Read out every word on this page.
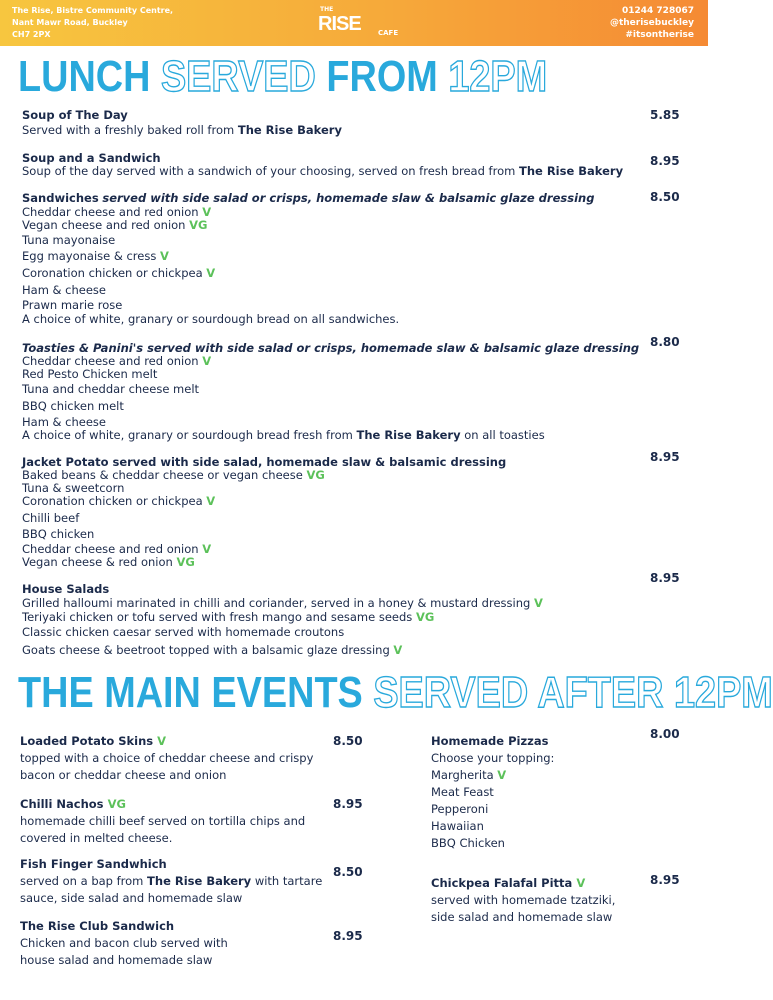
The Rise, Bistre Community Centre,
Nant Mawr Road, Buckley
CH7 2PX
THE
RISE CAFE
01244 728067
@therisebuckley
#itsontherise
LUNCH SERVED FROM 12PM
Soup of The Day
Served with a freshly baked roll from The Rise Bakery
5.85
Soup and a Sandwich
Soup of the day served with a sandwich of your choosing, served on fresh bread from The Rise Bakery
8.95
Sandwiches served with side salad or crisps, homemade slaw & balsamic glaze dressing	8.50
Cheddar cheese and red onion V
Vegan cheese and red onion VG
Tuna mayonaise
Egg mayonaise & cress V
Coronation chicken or chickpea V
Ham & cheese
Prawn marie rose
A choice of white, granary or sourdough bread on all sandwiches.
Toasties & Panini's served with side salad or crisps, homemade slaw & balsamic glaze dressing 8.80
Cheddar cheese and red onion V
Red Pesto Chicken melt
Tuna and cheddar cheese melt
BBQ chicken melt
Ham & cheese
A choice of white, granary or sourdough bread fresh from The Rise Bakery on all toasties
Jacket Potato served with side salad, homemade slaw & balsamic dressing	8.95
Baked beans & cheddar cheese or vegan cheese VG
Tuna & sweetcorn
Coronation chicken or chickpea V
Chilli beef
BBQ chicken
Cheddar cheese and red onion V
Vegan cheese & red onion VG
House Salads
8.95
Grilled halloumi marinated in chilli and coriander, served in a honey & mustard dressing V
Teriyaki chicken or tofu served with fresh mango and sesame seeds VG
Classic chicken caesar served with homemade croutons
Goats cheese & beetroot topped with a balsamic glaze dressing V
THE MAIN EVENTS SERVED AFTER 12PM
Loaded Potato Skins V	8.50
topped with a choice of cheddar cheese and crispy
bacon or cheddar cheese and onion
Chilli Nachos VG	8.95
homemade chilli beef served on tortilla chips and
covered in melted cheese.
Fish Finger Sandwhich
8.50
served on a bap from The Rise Bakery with tartare
sauce, side salad and homemade slaw
The Rise Club Sandwich
8.95
Chicken and bacon club served with
house salad and homemade slaw
8.00
Homemade Pizzas
Choose your topping:
Margherita V
Meat Feast
Pepperoni
Hawaiian
BBQ Chicken
Chickpea Falafal Pitta V	8.95
served with homemade tzatziki,
side salad and homemade slaw
